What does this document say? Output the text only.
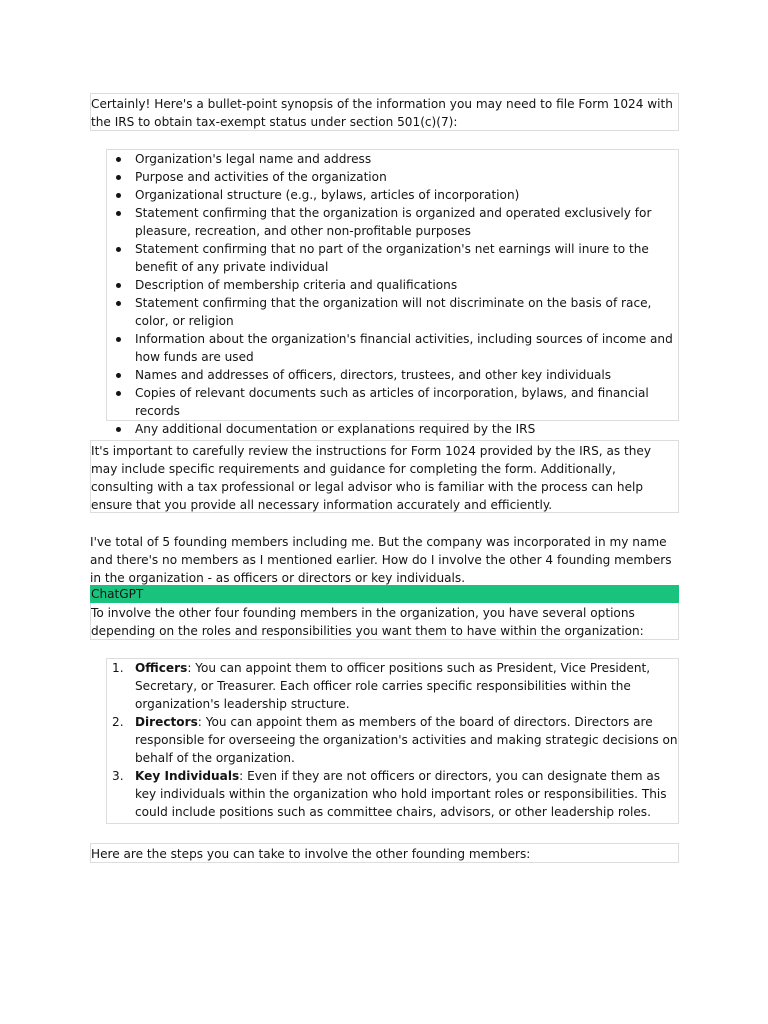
Certainly! Here's a bullet-point synopsis of the information you may need to file Form 1024 with the IRS to obtain tax-exempt status under section 501(c)(7):

Organization's legal name and address
Purpose and activities of the organization
Organizational structure (e.g., bylaws, articles of incorporation)
Statement confirming that the organization is organized and operated exclusively for pleasure, recreation, and other non-profitable purposes
Statement confirming that no part of the organization's net earnings will inure to the benefit of any private individual
Description of membership criteria and qualifications
Statement confirming that the organization will not discriminate on the basis of race, color, or religion
Information about the organization's financial activities, including sources of income and how funds are used
Names and addresses of officers, directors, trustees, and other key individuals
Copies of relevant documents such as articles of incorporation, bylaws, and financial records
Any additional documentation or explanations required by the IRS

It's important to carefully review the instructions for Form 1024 provided by the IRS, as they may include specific requirements and guidance for completing the form. Additionally, consulting with a tax professional or legal advisor who is familiar with the process can help ensure that you provide all necessary information accurately and efficiently.

I've total of 5 founding members including me. But the company was incorporated in my name and there's no members as I mentioned earlier. How do I involve the other 4 founding members in the organization - as officers or directors or key individuals.

ChatGPT

To involve the other four founding members in the organization, you have several options depending on the roles and responsibilities you want them to have within the organization:

1. Officers: You can appoint them to officer positions such as President, Vice President, Secretary, or Treasurer. Each officer role carries specific responsibilities within the organization's leadership structure.
2. Directors: You can appoint them as members of the board of directors. Directors are responsible for overseeing the organization's activities and making strategic decisions on behalf of the organization.
3. Key Individuals: Even if they are not officers or directors, you can designate them as key individuals within the organization who hold important roles or responsibilities. This could include positions such as committee chairs, advisors, or other leadership roles.

Here are the steps you can take to involve the other founding members:
